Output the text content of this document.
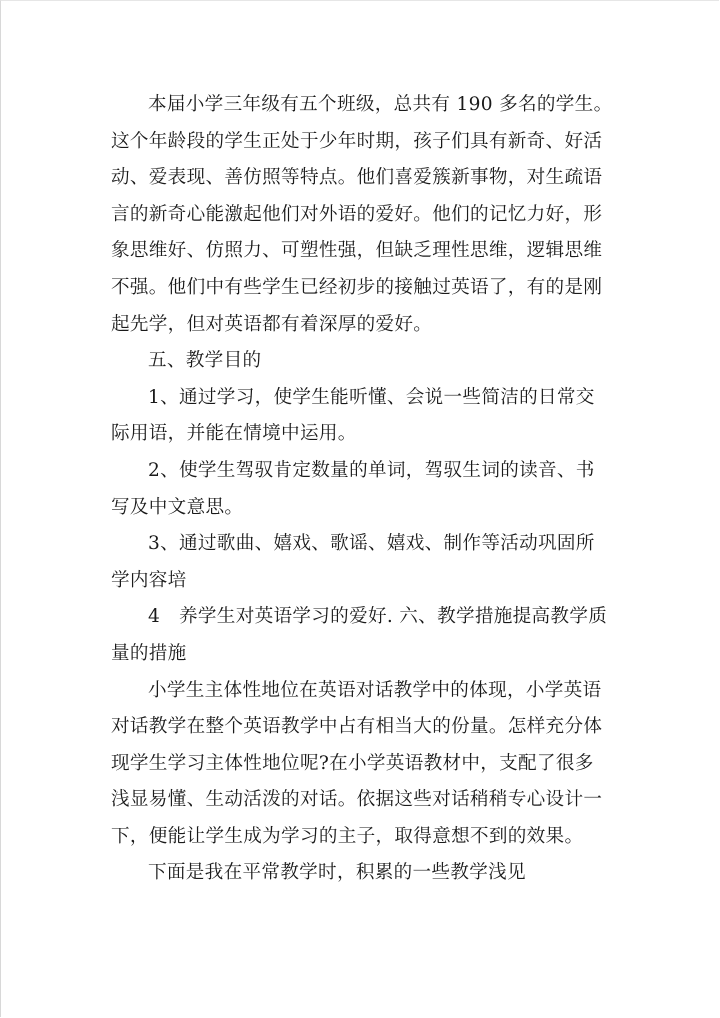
本届小学三年级有五个班级，总共有 190 多名的学生。
这个年龄段的学生正处于少年时期，孩子们具有新奇、好活
动、爱表现、善仿照等特点。他们喜爱簇新事物，对生疏语
言的新奇心能激起他们对外语的爱好。他们的记忆力好，形
象思维好、仿照力、可塑性强，但缺乏理性思维，逻辑思维
不强。他们中有些学生已经初步的接触过英语了，有的是刚
起先学，但对英语都有着深厚的爱好。
五、教学目的
1、通过学习，使学生能听懂、会说一些简洁的日常交
际用语，并能在情境中运用。
2、使学生驾驭肯定数量的单词，驾驭生词的读音、书
写及中文意思。
3、通过歌曲、嬉戏、歌谣、嬉戏、制作等活动巩固所
学内容培
4　养学生对英语学习的爱好. 六、教学措施提高教学质
量的措施
小学生主体性地位在英语对话教学中的体现，小学英语
对话教学在整个英语教学中占有相当大的份量。怎样充分体
现学生学习主体性地位呢?在小学英语教材中，支配了很多
浅显易懂、生动活泼的对话。依据这些对话稍稍专心设计一
下，便能让学生成为学习的主子，取得意想不到的效果。
下面是我在平常教学时，积累的一些教学浅见
